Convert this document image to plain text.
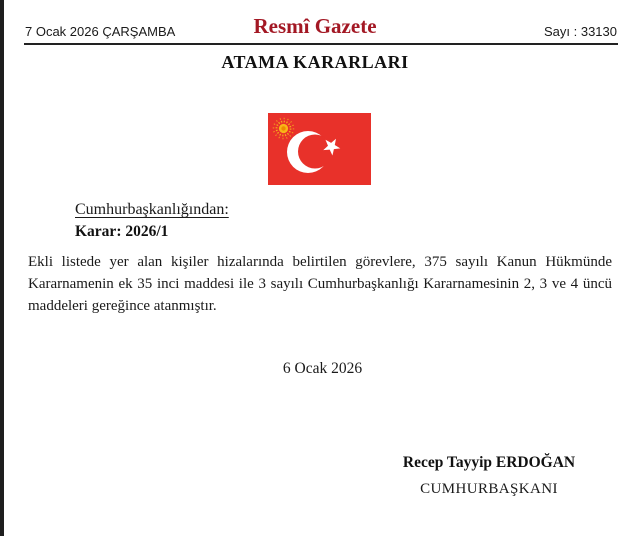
7 Ocak 2026 ÇARŞAMBA	Resmî Gazete	Sayı : 33130
ATAMA KARARLARI
Cumhurbaşkanlığından:
Karar: 2026/1
Ekli listede yer alan kişiler hizalarında belirtilen görevlere, 375 sayılı Kanun Hükmünde Kararnamenin ek 35 inci maddesi ile 3 sayılı Cumhurbaşkanlığı Kararnamesinin 2, 3 ve 4 üncü maddeleri gereğince atanmıştır.
6 Ocak 2026
Recep Tayyip ERDOĞAN
CUMHURBAŞKANI
